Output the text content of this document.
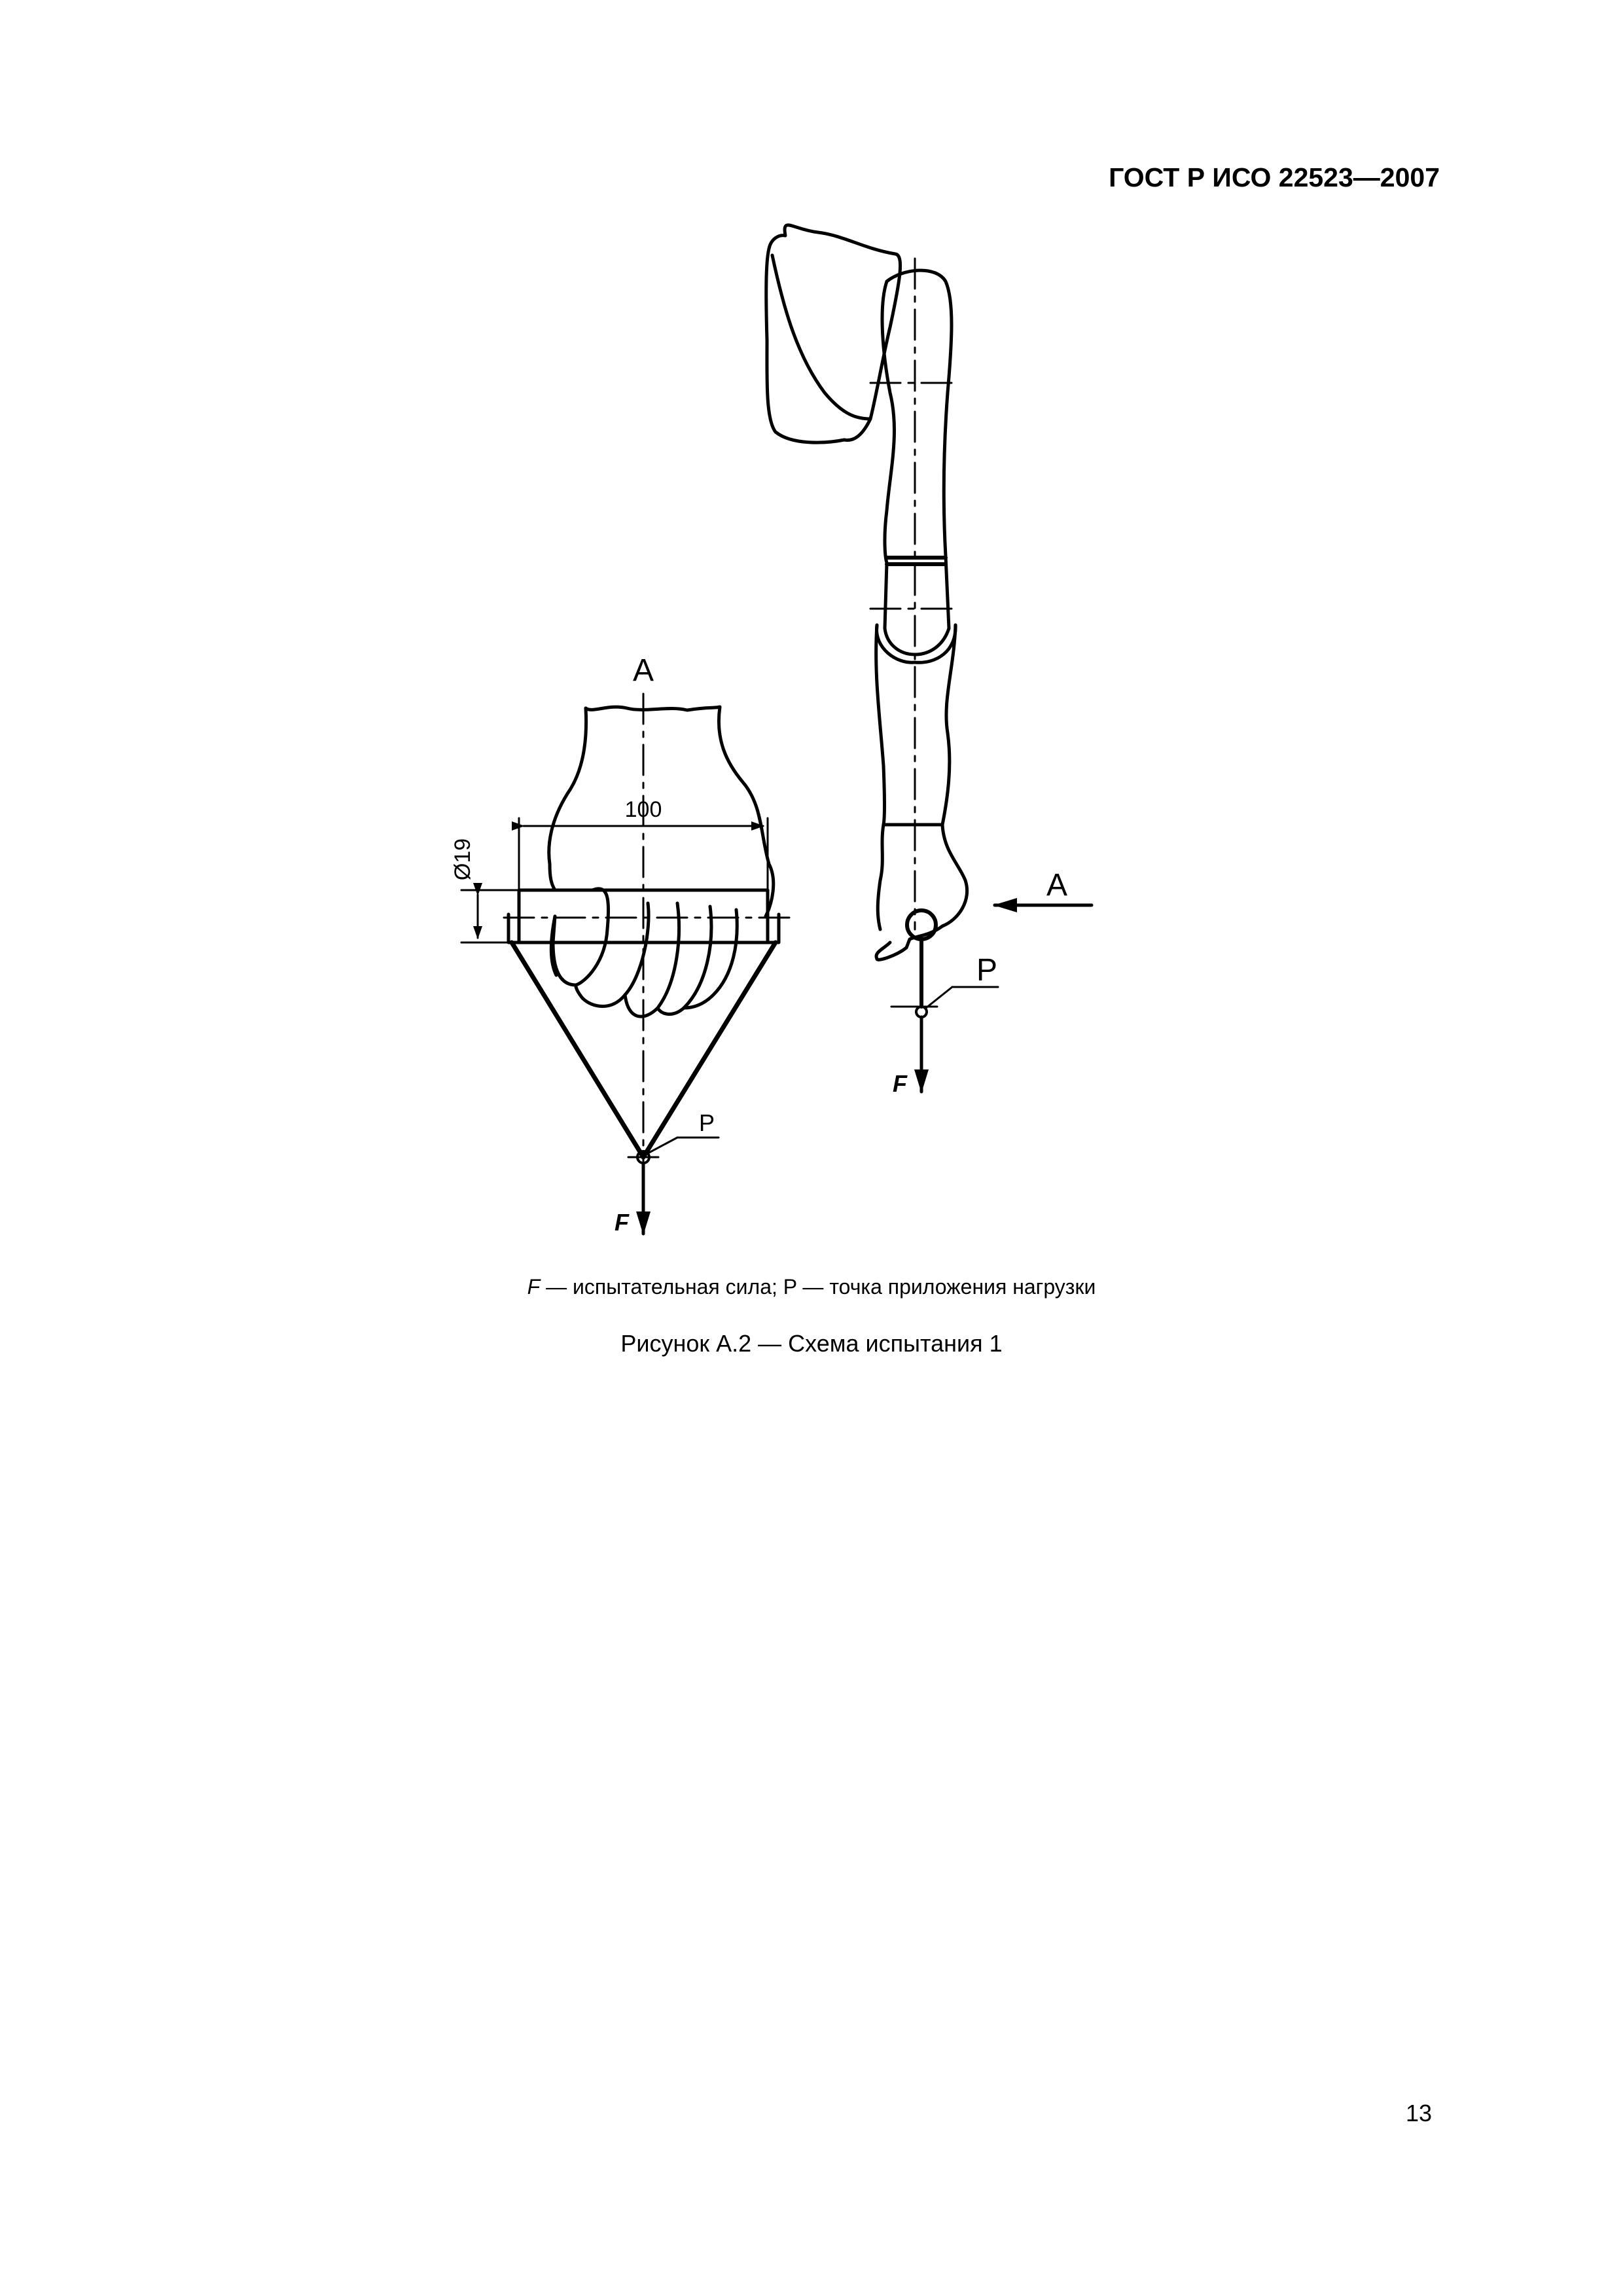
ГОСТ Р ИСО 22523—2007
A
100
Ø19
P
F
A
P
F
F — испытательная сила; P — точка приложения нагрузки
Рисунок А.2 — Схема испытания 1
13
